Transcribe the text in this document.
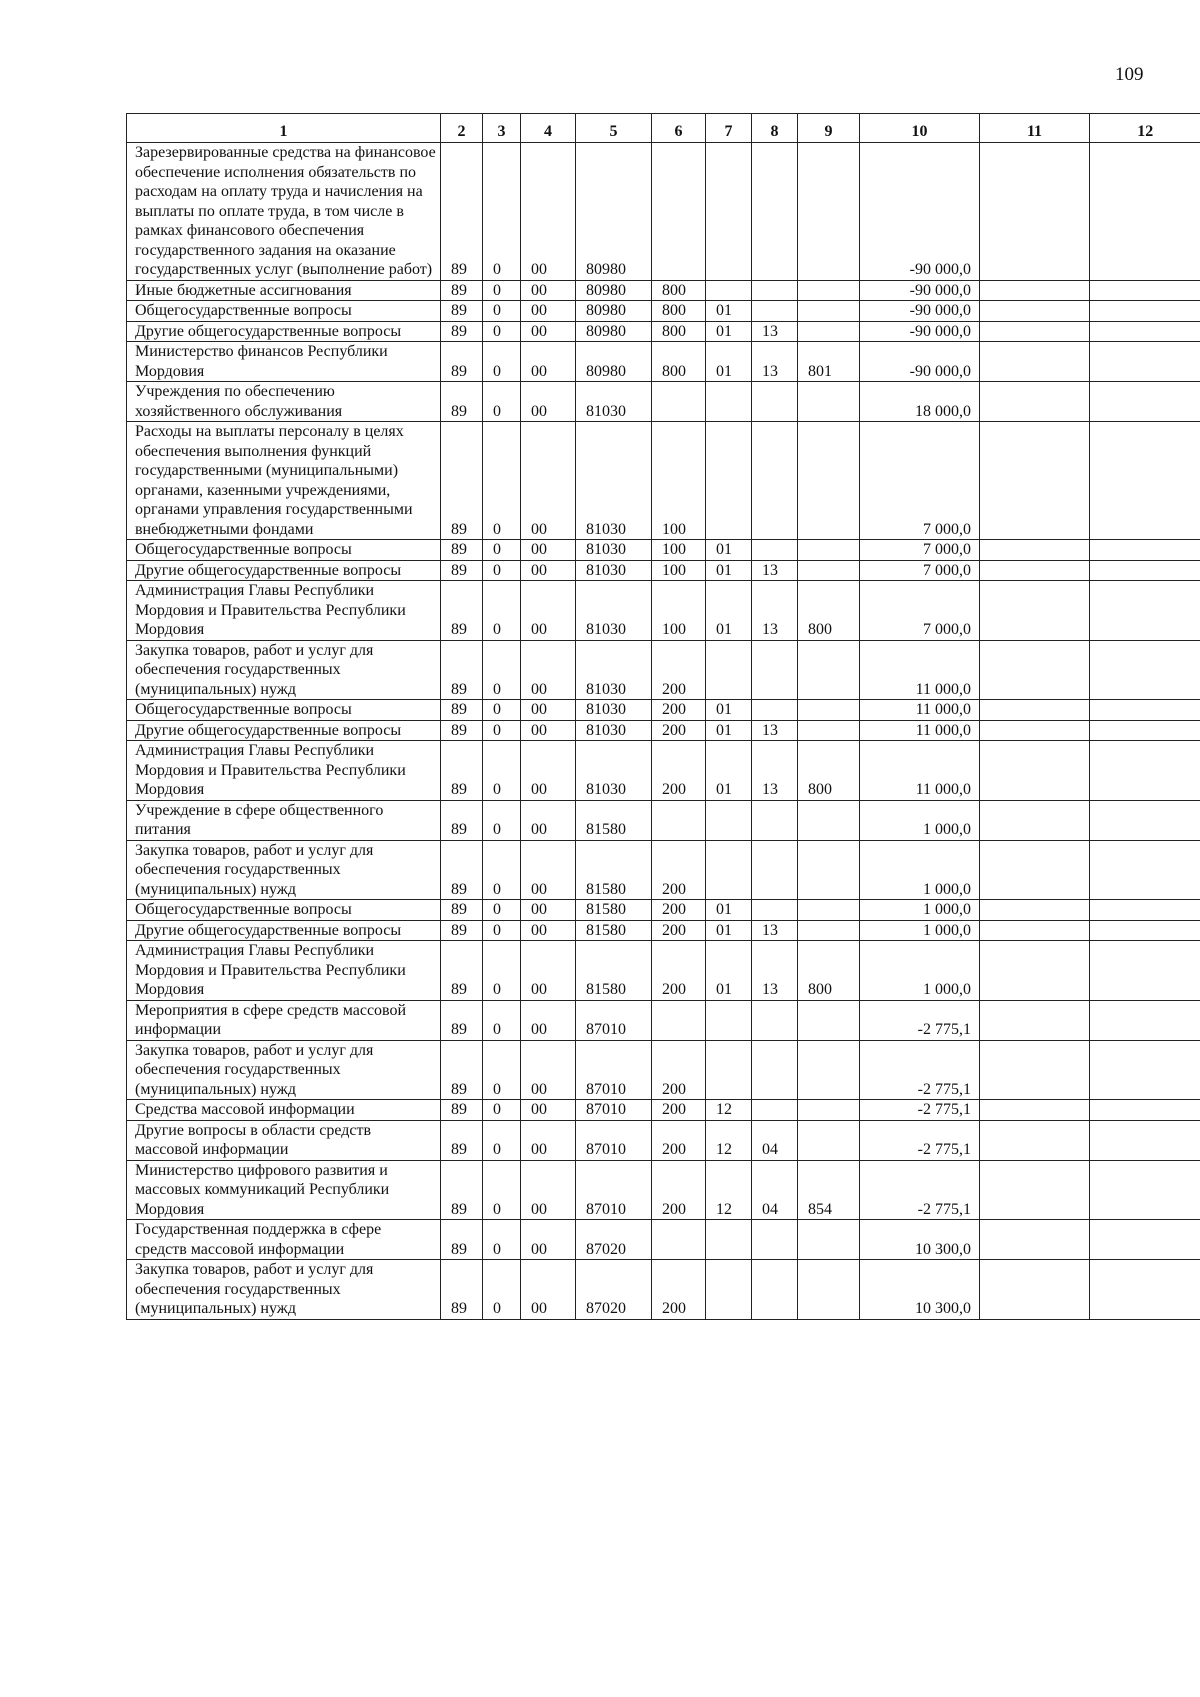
109
1	2	3	4	5	6	7	8	9	10	11	12
Зарезервированные средства на финансовое обеспечение исполнения обязательств по расходам на оплату труда и начисления на выплаты по оплате труда, в том числе в рамках финансового обеспечения государственного задания на оказание государственных услуг (выполнение работ)	89	0	00	80980					-90 000,0		
Иные бюджетные ассигнования	89	0	00	80980	800				-90 000,0		
Общегосударственные вопросы	89	0	00	80980	800	01			-90 000,0		
Другие общегосударственные вопросы	89	0	00	80980	800	01	13		-90 000,0		
Министерство финансов Республики Мордовия	89	0	00	80980	800	01	13	801	-90 000,0		
Учреждения по обеспечению хозяйственного обслуживания	89	0	00	81030					18 000,0		
Расходы на выплаты персоналу в целях обеспечения выполнения функций государственными (муниципальными) органами, казенными учреждениями, органами управления государственными внебюджетными фондами	89	0	00	81030	100				7 000,0		
Общегосударственные вопросы	89	0	00	81030	100	01			7 000,0		
Другие общегосударственные вопросы	89	0	00	81030	100	01	13		7 000,0		
Администрация Главы Республики Мордовия и Правительства Республики Мордовия	89	0	00	81030	100	01	13	800	7 000,0		
Закупка товаров, работ и услуг для обеспечения государственных (муниципальных) нужд	89	0	00	81030	200				11 000,0		
Общегосударственные вопросы	89	0	00	81030	200	01			11 000,0		
Другие общегосударственные вопросы	89	0	00	81030	200	01	13		11 000,0		
Администрация Главы Республики Мордовия и Правительства Республики Мордовия	89	0	00	81030	200	01	13	800	11 000,0		
Учреждение в сфере общественного питания	89	0	00	81580					1 000,0		
Закупка товаров, работ и услуг для обеспечения государственных (муниципальных) нужд	89	0	00	81580	200				1 000,0		
Общегосударственные вопросы	89	0	00	81580	200	01			1 000,0		
Другие общегосударственные вопросы	89	0	00	81580	200	01	13		1 000,0		
Администрация Главы Республики Мордовия и Правительства Республики Мордовия	89	0	00	81580	200	01	13	800	1 000,0		
Мероприятия в сфере средств массовой информации	89	0	00	87010					-2 775,1		
Закупка товаров, работ и услуг для обеспечения государственных (муниципальных) нужд	89	0	00	87010	200				-2 775,1		
Средства массовой информации	89	0	00	87010	200	12			-2 775,1		
Другие вопросы в области средств массовой информации	89	0	00	87010	200	12	04		-2 775,1		
Министерство цифрового развития и массовых коммуникаций Республики Мордовия	89	0	00	87010	200	12	04	854	-2 775,1		
Государственная поддержка в сфере средств массовой информации	89	0	00	87020					10 300,0		
Закупка товаров, работ и услуг для обеспечения государственных (муниципальных) нужд	89	0	00	87020	200				10 300,0		
